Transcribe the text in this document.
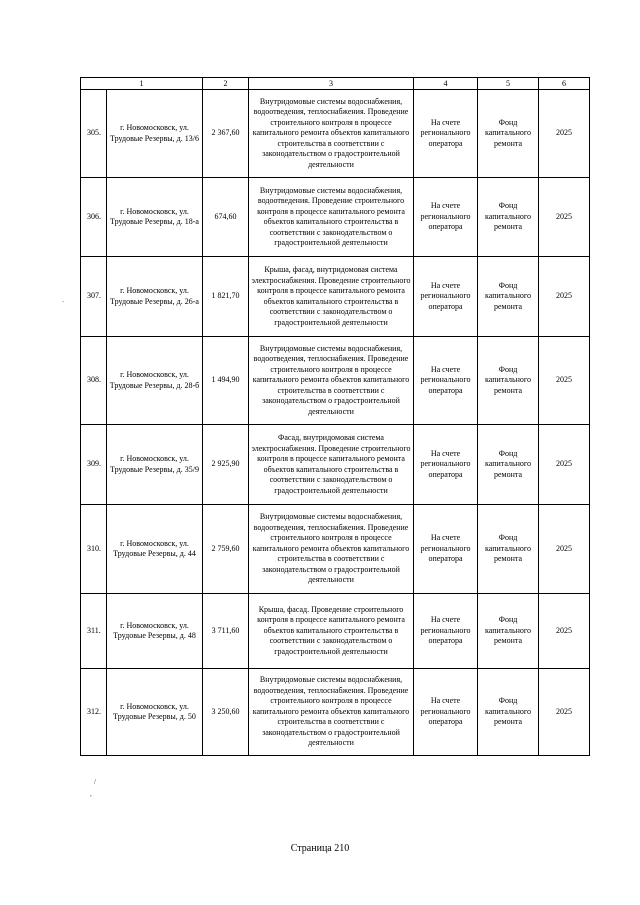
1		2	3	4	5	6
305.	г. Новомосковск, ул. Трудовые Резервы, д. 13/6	2 367,60	Внутридомовые системы водоснабжения, водоотведения, теплоснабжения. Проведение строительного контроля в процессе капитального ремонта объектов капитального строительства в соответствии с законодательством о градостроительной деятельности	На счете регионального оператора	Фонд капитального ремонта	2025
306.	г. Новомосковск, ул. Трудовые Резервы, д. 18-а	674,60	Внутридомовые системы водоснабжения, водоотведения. Проведение строительного контроля в процессе капитального ремонта объектов капитального строительства в соответствии с законодательством о градостроительной деятельности	На счете регионального оператора	Фонд капитального ремонта	2025
307.	г. Новомосковск, ул. Трудовые Резервы, д. 26-а	1 821,70	Крыша, фасад, внутридомовая система электроснабжения. Проведение строительного контроля в процессе капитального ремонта объектов капитального строительства в соответствии с законодательством о градостроительной деятельности	На счете регионального оператора	Фонд капитального ремонта	2025
308.	г. Новомосковск, ул. Трудовые Резервы, д. 28-б	1 494,90	Внутридомовые системы водоснабжения, водоотведения, теплоснабжения. Проведение строительного контроля в процессе капитального ремонта объектов капитального строительства в соответствии с законодательством о градостроительной деятельности	На счете регионального оператора	Фонд капитального ремонта	2025
309.	г. Новомосковск, ул. Трудовые Резервы, д. 35/9	2 925,90	Фасад, внутридомовая система электроснабжения. Проведение строительного контроля в процессе капитального ремонта объектов капитального строительства в соответствии с законодательством о градостроительной деятельности	На счете регионального оператора	Фонд капитального ремонта	2025
310.	г. Новомосковск, ул. Трудовые Резервы, д. 44	2 759,60	Внутридомовые системы водоснабжения, водоотведения, теплоснабжения. Проведение строительного контроля в процессе капитального ремонта объектов капитального строительства в соответствии с законодательством о градостроительной деятельности	На счете регионального оператора	Фонд капитального ремонта	2025
311.	г. Новомосковск, ул. Трудовые Резервы, д. 48	3 711,60	Крыша, фасад. Проведение строительного контроля в процессе капитального ремонта объектов капитального строительства в соответствии с законодательством о градостроительной деятельности	На счете регионального оператора	Фонд капитального ремонта	2025
312.	г. Новомосковск, ул. Трудовые Резервы, д. 50	3 250,60	Внутридомовые системы водоснабжения, водоотведения, теплоснабжения. Проведение строительного контроля в процессе капитального ремонта объектов капитального строительства в соответствии с законодательством о градостроительной деятельности	На счете регионального оператора	Фонд капитального ремонта	2025
`
/
,
Страница 210
